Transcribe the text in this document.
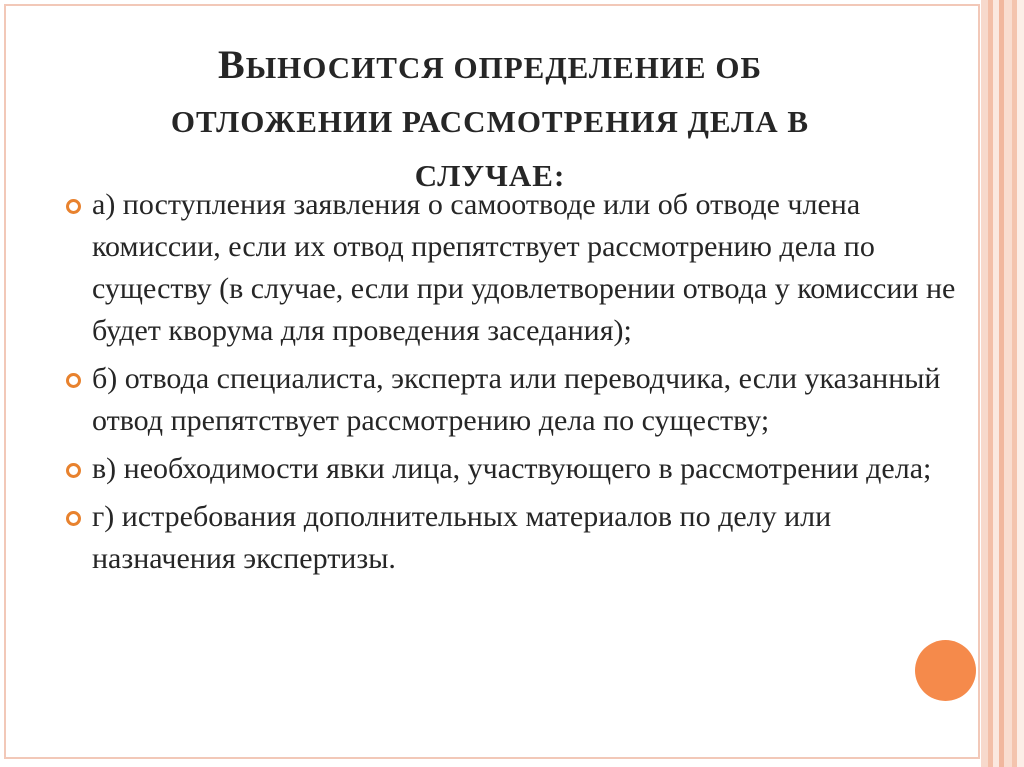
ВЫНОСИТСЯ ОПРЕДЕЛЕНИЕ ОБ
ОТЛОЖЕНИИ РАССМОТРЕНИЯ ДЕЛА В
СЛУЧАЕ:
а) поступления заявления о самоотводе или об отводе члена комиссии, если их отвод препятствует рассмотрению дела по существу (в случае, если при удовлетворении отвода у комиссии не будет кворума для проведения заседания);
б) отвода специалиста, эксперта или переводчика, если указанный отвод препятствует рассмотрению дела по существу;
в) необходимости явки лица, участвующего в рассмотрении дела;
г) истребования дополнительных материалов по делу или назначения экспертизы.
